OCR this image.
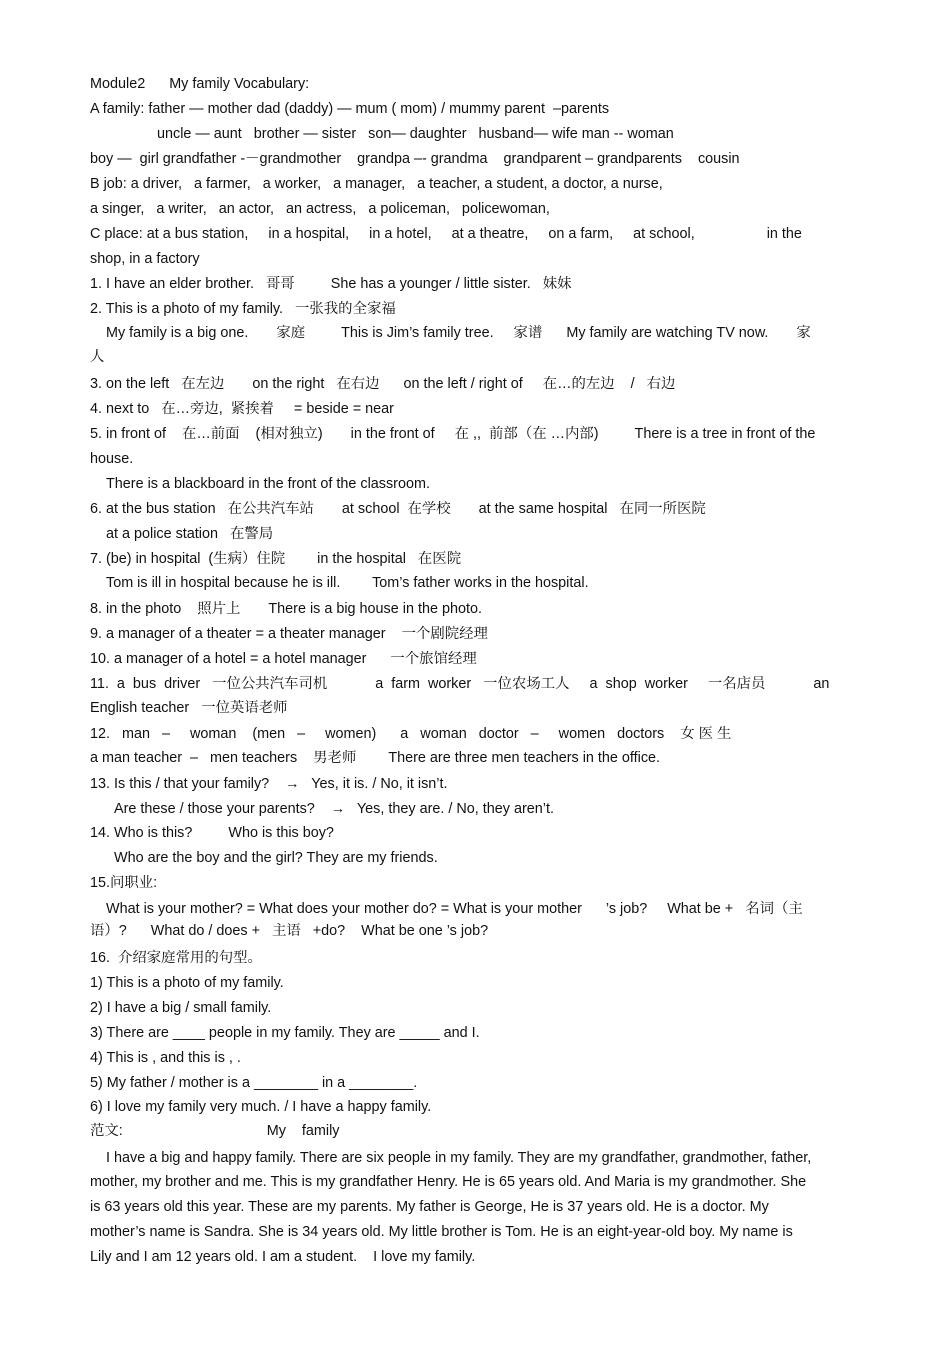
Module2      My family Vocabulary:
A family: father — mother dad (daddy) — mum ( mom) / mummy parent  –parents
uncle — aunt   brother — sister   son— daughter   husband— wife man -- woman
boy —  girl grandfather -－grandmother    grandpa –- grandma    grandparent – grandparents    cousin
B job: a driver,   a farmer,   a worker,   a manager,   a teacher, a student, a doctor, a nurse,
a singer,   a writer,   an actor,   an actress,   a policeman,   policewoman,
C place: at a bus station,     in a hospital,     in a hotel,     at a theatre,     on a farm,     at school,                  in the
shop, in a factory
1. I have an elder brother.   哥哥         She has a younger / little sister.   妹妹
2. This is a photo of my family.   一张我的全家福
My family is a big one.       家庭         This is Jim’s family tree.     家谱      My family are watching TV now.       家
人
3. on the left   在左边       on the right   在右边      on the left / right of     在…的左边    /   右边
4. next to   在…旁边,  紧挨着     = beside = near
5. in front of    在…前面    (相对独立)       in the front of     在 ,,  前部（在 …内部)         There is a tree in front of the
house.
There is a blackboard in the front of the classroom.
6. at the bus station   在公共汽车站       at school  在学校       at the same hospital   在同一所医院
at a police station   在警局
7. (be) in hospital  (生病）住院        in the hospital   在医院
Tom is ill in hospital because he is ill.        Tom’s father works in the hospital.
8. in the photo    照片上       There is a big house in the photo.
9. a manager of a theater = a theater manager    一个剧院经理
10. a manager of a hotel = a hotel manager      一个旅馆经理
11.  a  bus  driver   一位公共汽车司机            a  farm  worker   一位农场工人     a  shop  worker     一名店员            an
English teacher   一位英语老师
12.   man   –     woman    (men   –     women)      a   woman   doctor   –     women   doctors    女 医 生
a man teacher  –   men teachers    男老师        There are three men teachers in the office.
13. Is this / that your family?    →   Yes, it is. / No, it isn’t.
Are these / those your parents?    →   Yes, they are. / No, they aren’t.
14. Who is this?         Who is this boy?
Who are the boy and the girl? They are my friends.
15.问职业:
What is your mother? = What does your mother do? = What is your mother      ’s job?     What be +   名词（主
语）?      What do / does +   主语   +do?    What be one ’s job?
16.  介绍家庭常用的句型。
1) This is a photo of my family.
2) I have a big / small family.
3) There are ____ people in my family. They are _____ and I.
4) This is , and this is , .
5) My father / mother is a ________ in a ________.
6) I love my family very much. / I have a happy family.
范文:                                    My    family
I have a big and happy family. There are six people in my family. They are my grandfather, grandmother, father,
mother, my brother and me. This is my grandfather Henry. He is 65 years old. And Maria is my grandmother. She
is 63 years old this year. These are my parents. My father is George, He is 37 years old. He is a doctor. My
mother’s name is Sandra. She is 34 years old. My little brother is Tom. He is an eight-year-old boy. My name is
Lily and I am 12 years old. I am a student.    I love my family.
